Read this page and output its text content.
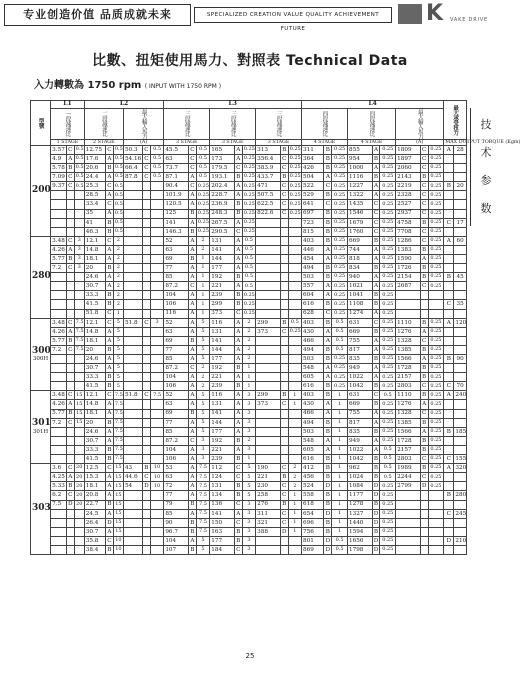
专业创造价值 品质成就未来	SPECIALIZED CREATION VALUE QUALITY ACHIEVEMENT FUTURE
K VAKE DRIVE
比數、扭矩使用馬力、對照表 Technical Data
入力轉數為 1750 rpm ( INPUT WITH 1750 RPM )
技
术
参
数
型號	L1			L2						L3									L4									最大承受扭力	

	一段減速比			二段減速比			最大輸入馬力			三段減速比			三段減速比			三段減速比			四段減速比			四段減速比			最大輸入馬力				

	1 STAGE			2 STAGE			(A)			3 STAGE			3 STAGE			3 STAGE			4 STAGE			4 STAGE			(A)			MAX OUTPUT TORQUE (Kgm)	

200	3.57	C	0.5	12.75	C	0.5	50.3	C	0.5	45.5	C	0.5	165	A	0.25	313	B	0.25	311	B	0.25	855	A	0.25	1809	C	0.25	A	28
	4.9	A	0.5	17.6	A	0.5	54.16	C	0.5	63	C	0.5	173	A	0.25	356.4	C	0.25	364	B	0.25	954	B	0.25	1897	C	0.25		
	5.78	B	0.5	20.6	B	0.5	66.4	C	0.5	73.7	C	0.5	179.5	C	0.25	383.9	C	0.25	426	B	0.25	1000	A	0.25	2060	C	0.25		
	7.09	C	0.5	24.4	A	0.5	87.8	C	0.5	87.1	A	0.5	193.1	B	0.25	433.7	B	0.25	504	A	0.25	1116	B	0.25	2143	B	0.25		
	9.37	C	0.5	25.3	C	0.5				90.4	C	0.25	202.4	A	0.25	471	C	0.25	522	C	0.25	1227	A	0.25	2219	C	0.25	B	20
				28.5	A	0.5				101.9	A	0.25	228.7	A	0.25	507.5	C	0.25	529	B	0.25	1322	A	0.25	2328	C	0.25		
				33.4	C	0.5				120.5	A	0.25	236.9	B	0.25	622.5	C	0.25	641	C	0.25	1435	C	0.25	2527	C	0.25		
				35	A	0.5				125	B	0.25	248.3	B	0.25	822.6	C	0.25	697	B	0.25	1546	C	0.25	2937	C	0.25		
				41	B	0.5				141	A	0.25	267.5	A	0.25				723	B	0.25	1679	C	0.25	4758	B	0.25	C	17
				46.3	B	0.5				146.3	B	0.25	290.5	C	0.25				815	B	0.25	1760	C	0.25	7708	C	0.25		

280	3.48	C	3	12.1	C	2				52	A	2	131	A	0.5				403	B	0.25	669	B	0.25	1286	C	0.25	A	60
	4.26	A	3	14.8	A	2				63	A	2	141	A	0.5				446	A	0.25	744	A	0.25	1383	B	0.25		
	5.77	B	3	18.1	A	2				69	B	1	144	A	0.5				454	A	0.25	818	A	0.25	1590	A	0.25		
	7.2	C	3	20	B	2				77	A	1	177	A	0.5				494	B	0.25	834	B	0.25	1726	B	0.25		
				24.6	A	2				85	A	1	192	B	0.5				503	B	0.25	940	A	0.25	2154	B	0.25	B	45
				30.7	A	2				87.2	C	1	221	A	0.5				557	A	0.25	1021	A	0.25	2687	C	0.25		
				33.3	B	2				104	A	1	239	B	0.25				604	A	0.25	1041	B	0.25					
				41.5	B	2				106	A	1	299	B	0.25				616	B	0.25	1108	B	0.25				C	35
				51.8	C	1				116	A	1	373	C	0.25				628	C	0.25	1274	A	0.25					

300
300H	3.48	C	7.5	12.1	C	5	51.8	C	3	52	A	5	116	A	2	299	B	0.5	403	B	0.5	631	C	0.25	1110	B	0.25	A	120
	4.26	A	7.5	14.8	A	5				63	A	5	131	A	2	373	C	0.25	430	A	0.5	669	B	0.25	1276	A	0.25		
	5.77	B	7.5	18.1	A	5				69	B	5	141	A	2				466	A	0.5	755	A	0.25	1328	C	0.25		
	7.2	C	7.5	20	B	5				77	A	5	144	A	2				494	B	0.5	817	A	0.25	1385	B	0.25		
				24.6	A	5				85	A	5	177	A	2				503	B	0.25	835	B	0.25	1566	A	0.25	B	90
				30.7	A	5				87.2	C	2	192	B	1				548	A	0.25	949	A	0.25	1728	B	0.25		
				33.3	B	5				104	A	2	221	A	1				605	A	0.25	1022	A	0.25	2157	B	0.25		
				41.5	B	5				106	A	2	239	B	1				616	B	0.25	1042	B	0.25	2803	C	0.25	C	70

301
301H	3.48	C	15	12.1	C	7.5	51.8	C	7.5	52	A	5	116	A	3	299	B	1	403	B	1	631	C	0.5	1110	B	0.25	A	240
	4.26	A	15	14.8	A	7.5				63	A	5	131	A	3	373	C	1	430	A	1	669	B	0.25	1276	A	0.25		
	5.77	B	15	18.1	A	7.5				69	B	5	141	A	3				466	A	1	755	A	0.25	1328	C	0.25		
	7.2	C	15	20	B	7.5				77	A	5	144	A	3				494	B	1	817	A	0.25	1385	B	0.25		
				24.6	A	7.5				85	A	5	177	A	3				503	B	1	835	B	0.25	1566	A	0.25	B	185
				30.7	A	7.5				87.2	C	3	192	B	2				548	A	1	949	A	0.25	1728	B	0.25		
				33.3	B	7.5				104	A	3	221	A	3				605	A	1	1022	A	0.5	2157	B	0.25		
				41.5	B	7.5				106	A	3	239	B	1				616	B	1	1042	B	0.5	2803	C	0.25	C	155

303	3.6	C	20	12.5	C	15	43	B	10	53	A	7.5	112	C	5	190	C	2	412	B	1	962	B	0.5	1989	B	0.25	A	320
	4.25	A	20	15.3	A	15	44.6	C	10	63	A	7.5	124	C	5	221	B	2	456	B	1	1024	B	0.5	2244	C	0.25		
	5.33	B	20	18.1	A	15	54	D	10	72	A	7.5	131	B	5	230	C	2	524	D	1	1084	D	0.25	2799	D	0.25		
	6.2	C	20	20.8	A	15				77	A	7.5	134	B	5	258	C	1	558	B	1	1177	D	0.25				B	280
	7.5	D	20	22.7	B	15				79	B	7.5	136	C	3	276	B	1	618	B	1	1278	B	0.25					
				24.5	A	15				85	A	7.5	141	A	3	311	C	1	654	D	1	1327	D	0.25				C	245
				26.4	D	15				90	B	7.5	150	C	3	321	C	1	696	B	1	1440	D	0.25					
				30.7	A	15				96.7	B	7.5	163	B	3	388	D	1	756	B	1	1594	B	0.25					
				35.8	C	10				104	A	5	177	B	3				801	D	0.5	1656	D	0.25				D	210
				38.4	B	10				107	B	5	184	C	3				869	D	0.5	1798	D	0.25					
25
